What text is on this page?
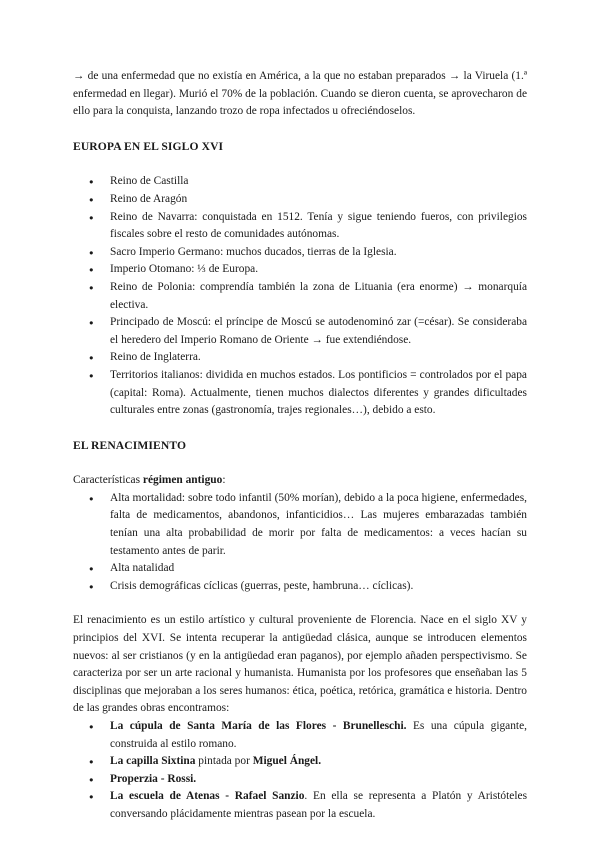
→ de una enfermedad que no existía en América, a la que no estaban preparados → la Viruela (1.ª enfermedad en llegar). Murió el 70% de la población. Cuando se dieron cuenta, se aprovecharon de ello para la conquista, lanzando trozo de ropa infectados u ofreciéndoselos.

EUROPA EN EL SIGLO XVI
● Reino de Castilla
● Reino de Aragón
● Reino de Navarra: conquistada en 1512. Tenía y sigue teniendo fueros, con privilegios fiscales sobre el resto de comunidades autónomas.
● Sacro Imperio Germano: muchos ducados, tierras de la Iglesia.
● Imperio Otomano: ⅓ de Europa.
● Reino de Polonia: comprendía también la zona de Lituania (era enorme) → monarquía electiva.
● Principado de Moscú: el príncipe de Moscú se autodenominó zar (=césar). Se consideraba el heredero del Imperio Romano de Oriente → fue extendiéndose.
● Reino de Inglaterra.
● Territorios italianos: dividida en muchos estados. Los pontificios = controlados por el papa (capital: Roma). Actualmente, tienen muchos dialectos diferentes y grandes dificultades culturales entre zonas (gastronomía, trajes regionales…), debido a esto.
EL RENACIMIENTO

Características régimen antiguo:

● Alta mortalidad: sobre todo infantil (50% morían), debido a la poca higiene, enfermedades, falta de medicamentos, abandonos, infanticidios… Las mujeres embarazadas también tenían una alta probabilidad de morir por falta de medicamentos: a veces hacían su testamento antes de parir.
● Alta natalidad
● Crisis demográficas cíclicas (guerras, peste, hambruna… cíclicas).

El renacimiento es un estilo artístico y cultural proveniente de Florencia. Nace en el siglo XV y principios del XVI. Se intenta recuperar la antigüedad clásica, aunque se introducen elementos nuevos: al ser cristianos (y en la antigüedad eran paganos), por ejemplo añaden perspectivismo. Se caracteriza por ser un arte racional y humanista. Humanista por los profesores que enseñaban las 5 disciplinas que mejoraban a los seres humanos: ética, poética, retórica, gramática e historia. Dentro de las grandes obras encontramos:

● La cúpula de Santa María de las Flores - Brunelleschi. Es una cúpula gigante, construida al estilo romano.
● La capilla Sixtina pintada por Miguel Ángel.
● Properzia - Rossi.
● La escuela de Atenas - Rafael Sanzio. En ella se representa a Platón y Aristóteles conversando plácidamente mientras pasean por la escuela.
